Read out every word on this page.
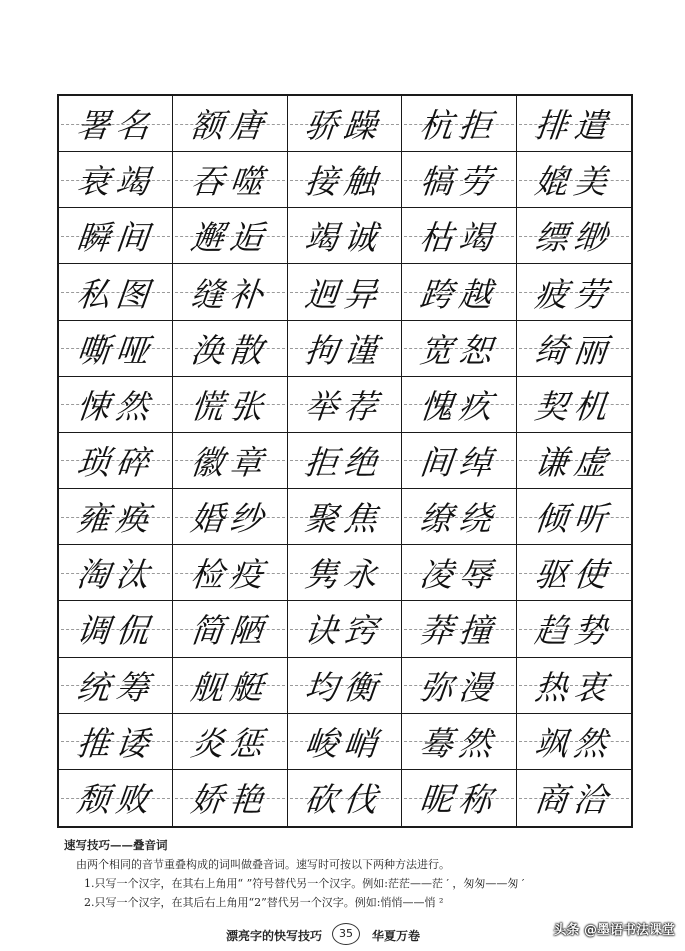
署名 额唐 骄躁 杭拒 排遣
衰竭 吞噬 接触 犒劳 媲美
瞬间 邂逅 竭诚 枯竭 缥缈
私图 缝补 迥异 跨越 疲劳
嘶哑 涣散 拘谨 宽恕 绮丽
悚然 慌张 举荐 愧疚 契机
琐碎 徽章 拒绝 间绰 谦虚
雍痪 婚纱 聚焦 缭绕 倾听
淘汰 检疫 隽永 凌辱 驱使
调侃 简陋 诀窍 莽撞 趋势
统筹 舰艇 均衡 弥漫 热衷
推诿 炎惩 峻峭 蓦然 飒然
颓败 娇艳 砍伐 昵称 商洽
速写技巧——叠音词
由两个相同的音节重叠构成的词叫做叠音词。速写时可按以下两种方法进行。
1.只写一个汉字，在其右上角用“ ”符号替代另一个汉字。例如:茫茫——茫 ′ ，匆匆——匆 ′
2.只写一个汉字，在其后右上角用“2”替代另一个汉字。例如:悄悄——悄 ²
漂亮字的快写技巧	35	华夏万卷	头条 @墨语书法课堂
